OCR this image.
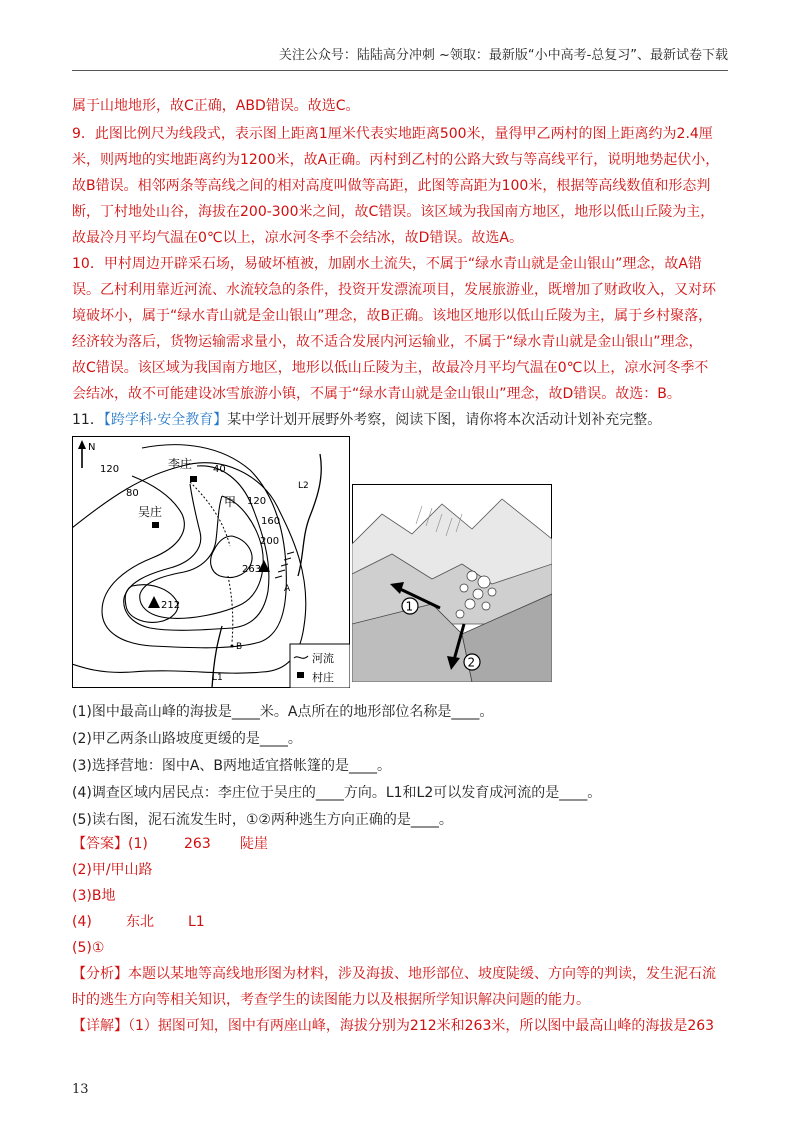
关注公众号：陆陆高分冲刺 ~领取：最新版“小中高考-总复习”、最新试卷下载
属于山地地形，故C正确，ABD错误。故选C。
9．此图比例尺为线段式，表示图上距离1厘米代表实地距离500米，量得甲乙两村的图上距离约为2.4厘
米，则两地的实地距离约为1200米，故A正确。丙村到乙村的公路大致与等高线平行，说明地势起伏小，
故B错误。相邻两条等高线之间的相对高度叫做等高距，此图等高距为100米，根据等高线数值和形态判
断，丁村地处山谷，海拔在200-300米之间，故C错误。该区域为我国南方地区，地形以低山丘陵为主，
故最冷月平均气温在0℃以上，凉水河冬季不会结冰，故D错误。故选A。
10．甲村周边开辟采石场，易破坏植被，加剧水土流失，不属于“绿水青山就是金山银山”理念，故A错
误。乙村利用靠近河流、水流较急的条件，投资开发漂流项目，发展旅游业，既增加了财政收入，又对环
境破坏小，属于“绿水青山就是金山银山”理念，故B正确。该地区地形以低山丘陵为主，属于乡村聚落，
经济较为落后，货物运输需求量小，故不适合发展内河运输业，不属于“绿水青山就是金山银山”理念，
故C错误。该区域为我国南方地区，地形以低山丘陵为主，故最冷月平均气温在0℃以上，凉水河冬季不
会结冰，故不可能建设冰雪旅游小镇，不属于“绿水青山就是金山银山”理念，故D错误。故选：B。
11．【跨学科·安全教育】某中学计划开展野外考察，阅读下图，请你将本次活动计划补充完整。
N
120	40
80
120
160
200
263
212
李庄
吴庄
甲
A
B
L2
L1
河流
村庄
1
2
(1)图中最高山峰的海拔是____米。A点所在的地形部位名称是____。
(2)甲乙两条山路坡度更缓的是____。
(3)选择营地：图中A、B两地适宜搭帐篷的是____。
(4)调查区域内居民点：李庄位于吴庄的____方向。L1和L2可以发育成河流的是____。
(5)读右图，泥石流发生时，①②两种逃生方向正确的是____。
【答案】(1)	263 陡崖
(2)甲/甲山路
(3)B地
(4) 东北 L1
(5)①
【分析】本题以某地等高线地形图为材料，涉及海拔、地形部位、坡度陡缓、方向等的判读，发生泥石流
时的逃生方向等相关知识，考查学生的读图能力以及根据所学知识解决问题的能力。
【详解】（1）据图可知，图中有两座山峰，海拔分别为212米和263米，所以图中最高山峰的海拔是263
13
